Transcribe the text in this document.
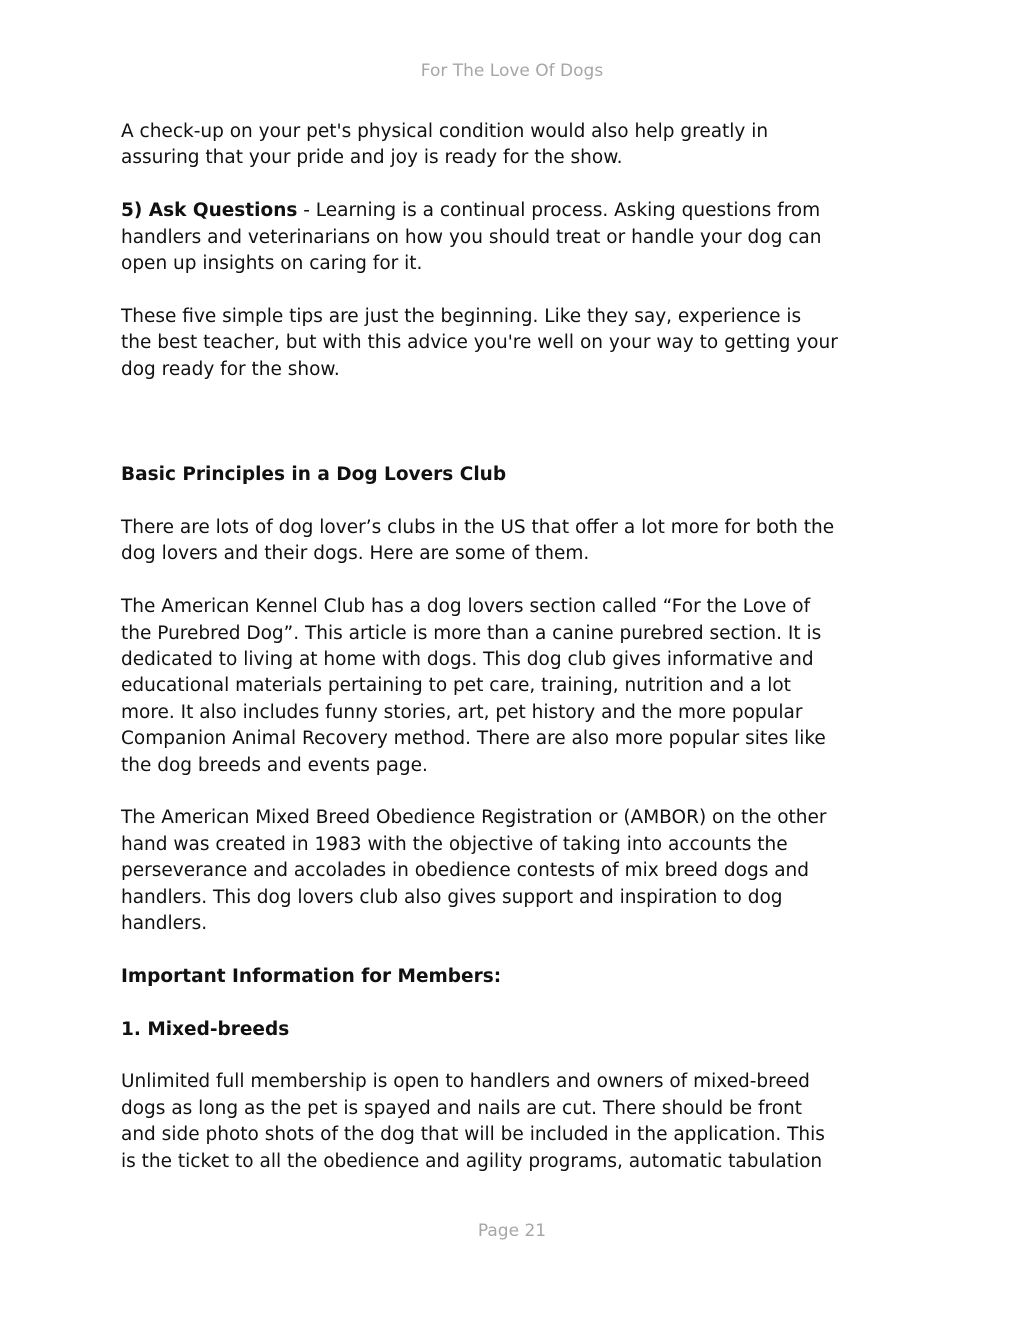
For The Love Of Dogs

A check-up on your pet's physical condition would also help greatly in
assuring that your pride and joy is ready for the show.

5) Ask Questions - Learning is a continual process. Asking questions from
handlers and veterinarians on how you should treat or handle your dog can
open up insights on caring for it.

These five simple tips are just the beginning. Like they say, experience is
the best teacher, but with this advice you're well on your way to getting your
dog ready for the show.

Basic Principles in a Dog Lovers Club

There are lots of dog lover’s clubs in the US that offer a lot more for both the
dog lovers and their dogs. Here are some of them.

The American Kennel Club has a dog lovers section called “For the Love of
the Purebred Dog”. This article is more than a canine purebred section. It is
dedicated to living at home with dogs. This dog club gives informative and
educational materials pertaining to pet care, training, nutrition and a lot
more. It also includes funny stories, art, pet history and the more popular
Companion Animal Recovery method. There are also more popular sites like
the dog breeds and events page.

The American Mixed Breed Obedience Registration or (AMBOR) on the other
hand was created in 1983 with the objective of taking into accounts the
perseverance and accolades in obedience contests of mix breed dogs and
handlers. This dog lovers club also gives support and inspiration to dog
handlers.

Important Information for Members:

1. Mixed-breeds

Unlimited full membership is open to handlers and owners of mixed-breed
dogs as long as the pet is spayed and nails are cut. There should be front
and side photo shots of the dog that will be included in the application. This
is the ticket to all the obedience and agility programs, automatic tabulation

Page 21
